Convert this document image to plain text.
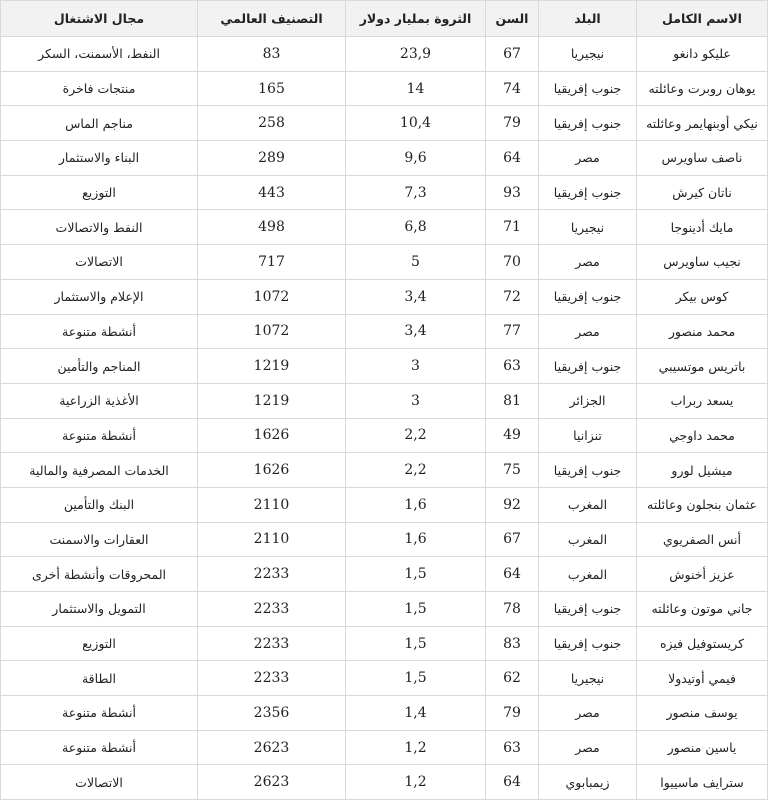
الاسم الكامل	البلد	السن	الثروة بمليار دولار	التصنيف العالمي	مجال الاشتغال
عليكو دانغو	نيجيريا	67	23,9	83	النفط، الأسمنت، السكر
يوهان روبرت وعائلته	جنوب إفريقيا	74	14	165	منتجات فاخرة
نيكي أوبنهايمر وعائلته	جنوب إفريقيا	79	10,4	258	مناجم الماس
ناصف ساويرس	مصر	64	9,6	289	البناء والاستثمار
ناتان كيرش	جنوب إفريقيا	93	7,3	443	التوزيع
مايك أدينوجا	نيجيريا	71	6,8	498	النفط والاتصالات
نجيب ساويرس	مصر	70	5	717	الاتصالات
كوس بيكر	جنوب إفريقيا	72	3,4	1072	الإعلام والاستثمار
محمد منصور	مصر	77	3,4	1072	أنشطة متنوعة
باتريس موتسيبي	جنوب إفريقيا	63	3	1219	المناجم والتأمين
يسعد ربراب	الجزائر	81	3	1219	الأغذية الزراعية
محمد داوجي	تنزانيا	49	2,2	1626	أنشطة متنوعة
ميشيل لورو	جنوب إفريقيا	75	2,2	1626	الخدمات المصرفية والمالية
عثمان بنجلون وعائلته	المغرب	92	1,6	2110	البنك والتأمين
أنس الصفريوي	المغرب	67	1,6	2110	العقارات والاسمنت
عزيز أخنوش	المغرب	64	1,5	2233	المحروقات وأنشطة أخرى
جاني موتون وعائلته	جنوب إفريقيا	78	1,5	2233	التمويل والاستثمار
كريستوفيل فيزه	جنوب إفريقيا	83	1,5	2233	التوزيع
فيمي أوتيدولا	نيجيريا	62	1,5	2233	الطاقة
يوسف منصور	مصر	79	1,4	2356	أنشطة متنوعة
ياسين منصور	مصر	63	1,2	2623	أنشطة متنوعة
سترايف ماسييوا	زيمبابوي	64	1,2	2623	الاتصالات
